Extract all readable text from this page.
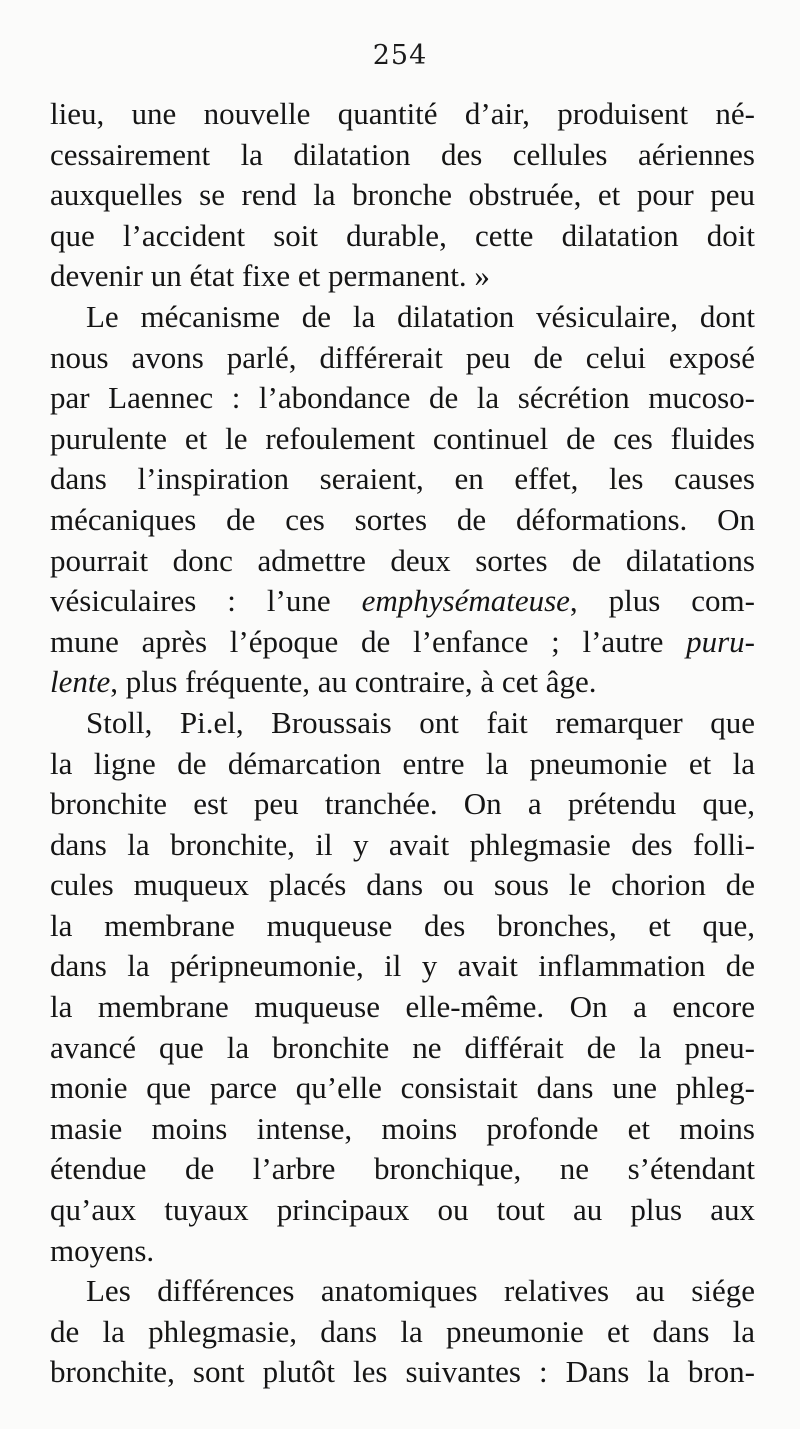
254
lieu, une nouvelle quantité d’air, produisent né-
cessairement la dilatation des cellules aériennes
auxquelles se rend la bronche obstruée, et pour peu
que l’accident soit durable, cette dilatation doit
devenir un état fixe et permanent. »
Le mécanisme de la dilatation vésiculaire, dont
nous avons parlé, différerait peu de celui exposé
par Laennec : l’abondance de la sécrétion mucoso-
purulente et le refoulement continuel de ces fluides
dans l’inspiration seraient, en effet, les causes
mécaniques de ces sortes de déformations. On
pourrait donc admettre deux sortes de dilatations
vésiculaires : l’une emphysémateuse, plus com-
mune après l’époque de l’enfance ; l’autre puru-
lente, plus fréquente, au contraire, à cet âge.
Stoll, Pi.el, Broussais ont fait remarquer que
la ligne de démarcation entre la pneumonie et la
bronchite est peu tranchée. On a prétendu que,
dans la bronchite, il y avait phlegmasie des folli-
cules muqueux placés dans ou sous le chorion de
la membrane muqueuse des bronches, et que,
dans la péripneumonie, il y avait inflammation de
la membrane muqueuse elle-même. On a encore
avancé que la bronchite ne différait de la pneu-
monie que parce qu’elle consistait dans une phleg-
masie moins intense, moins profonde et moins
étendue de l’arbre bronchique, ne s’étendant
qu’aux tuyaux principaux ou tout au plus aux
moyens.
Les différences anatomiques relatives au siége
de la phlegmasie, dans la pneumonie et dans la
bronchite, sont plutôt les suivantes : Dans la bron-
